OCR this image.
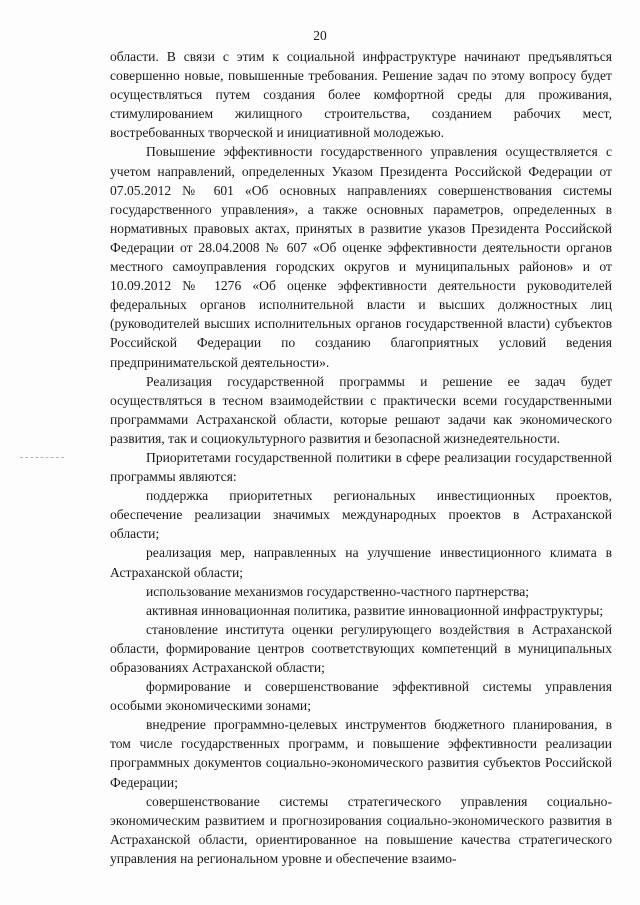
20

области. В связи с этим к социальной инфраструктуре начинают предъявляться совершенно новые, повышенные требования. Решение задач по этому вопросу будет осуществляться путем создания более комфортной среды для проживания, стимулированием жилищного строительства, созданием рабочих мест, востребованных творческой и инициативной молодежью.

Повышение эффективности государственного управления осуществляется с учетом направлений, определенных Указом Президента Российской Федерации от 07.05.2012 № 601 «Об основных направлениях совершенствования системы государственного управления», а также основных параметров, определенных в нормативных правовых актах, принятых в развитие указов Президента Российской Федерации от 28.04.2008 № 607 «Об оценке эффективности деятельности органов местного самоуправления городских округов и муниципальных районов» и от 10.09.2012 № 1276 «Об оценке эффективности деятельности руководителей федеральных органов исполнительной власти и высших должностных лиц (руководителей высших исполнительных органов государственной власти) субъектов Российской Федерации по созданию благоприятных условий ведения предпринимательской деятельности».

Реализация государственной программы и решение ее задач будет осуществляться в тесном взаимодействии с практически всеми государственными программами Астраханской области, которые решают задачи как экономического развития, так и социокультурного развития и безопасной жизнедеятельности.

Приоритетами государственной политики в сфере реализации государственной программы являются:

поддержка приоритетных региональных инвестиционных проектов, обеспечение реализации значимых международных проектов в Астраханской области;

реализация мер, направленных на улучшение инвестиционного климата в Астраханской области;

использование механизмов государственно-частного партнерства;

активная инновационная политика, развитие инновационной инфраструктуры;

становление института оценки регулирующего воздействия в Астраханской области, формирование центров соответствующих компетенций в муниципальных образованиях Астраханской области;

формирование и совершенствование эффективной системы управления особыми экономическими зонами;

внедрение программно-целевых инструментов бюджетного планирования, в том числе государственных программ, и повышение эффективности реализации программных документов социально-экономического развития субъектов Российской Федерации;

совершенствование системы стратегического управления социально-экономическим развитием и прогнозирования социально-экономического развития в Астраханской области, ориентированное на повышение качества стратегического управления на региональном уровне и обеспечение взаимо-
